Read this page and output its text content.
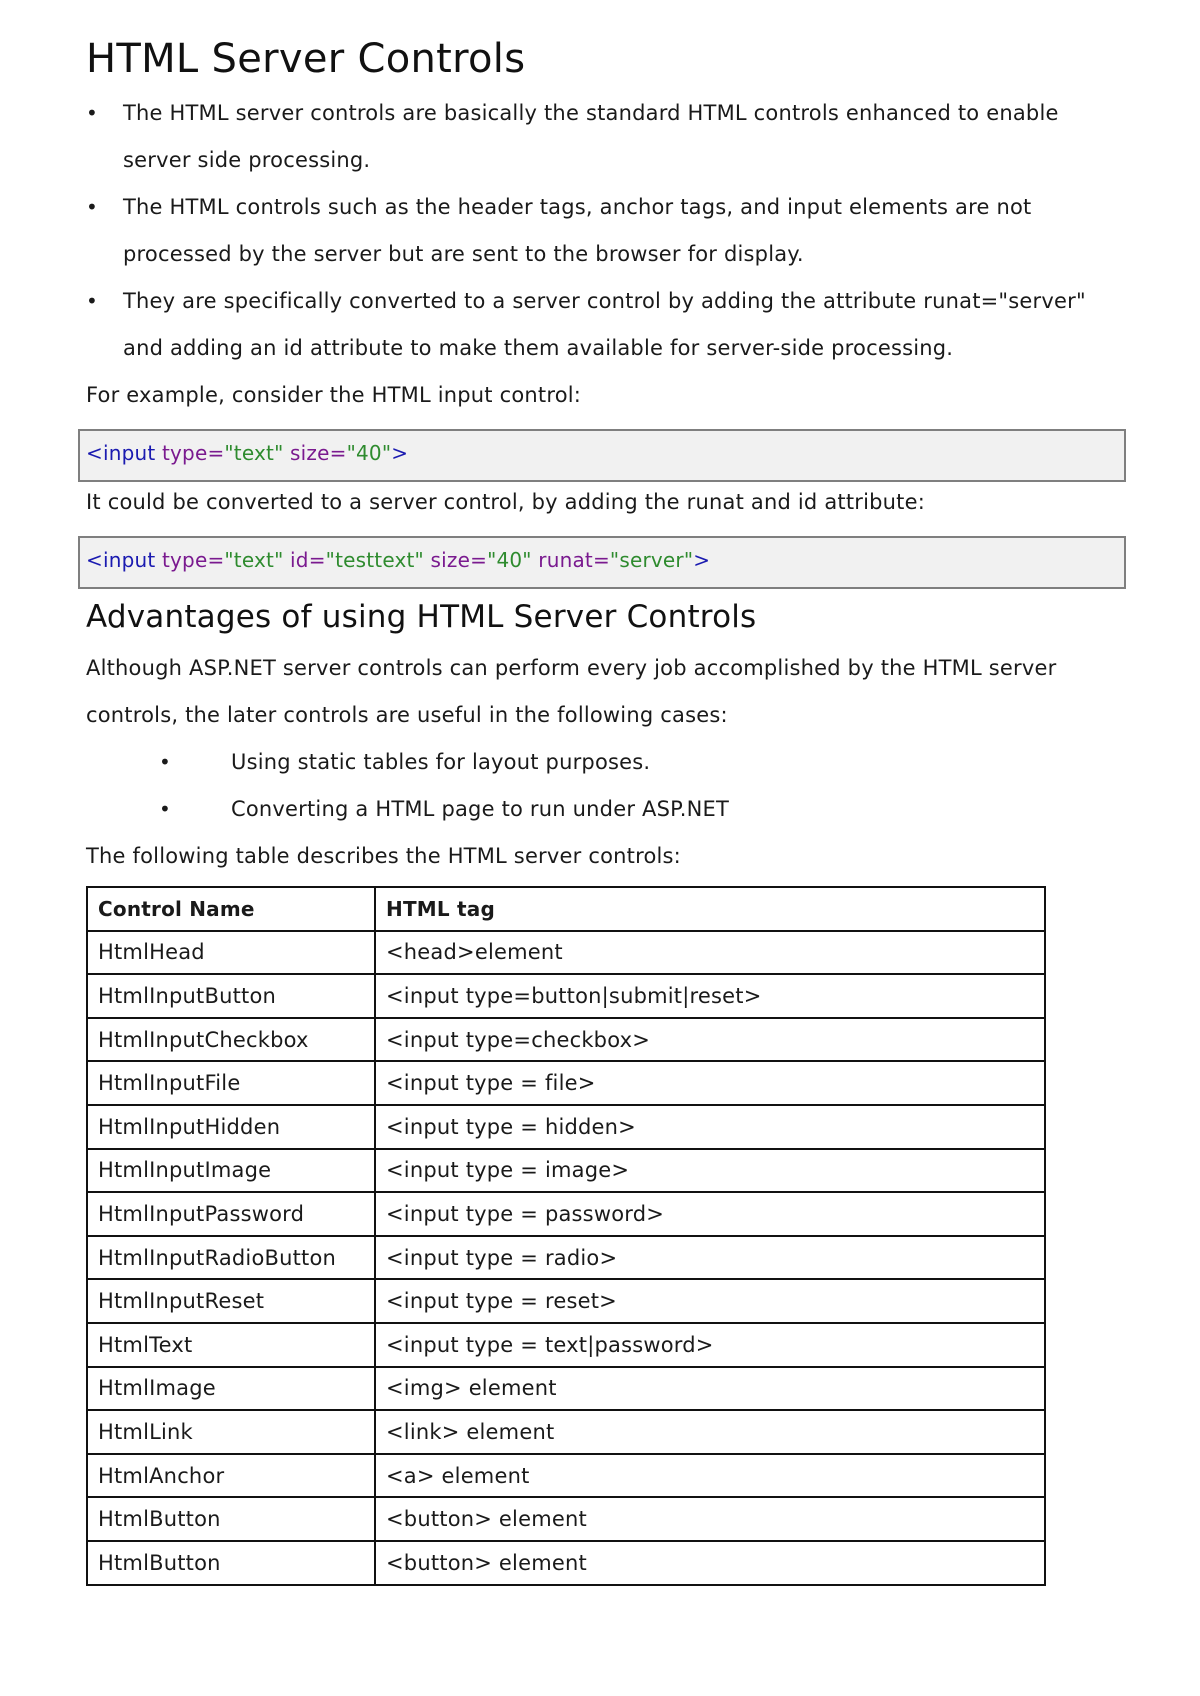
HTML Server Controls
• The HTML server controls are basically the standard HTML controls enhanced to enable server side processing.
• The HTML controls such as the header tags, anchor tags, and input elements are not processed by the server but are sent to the browser for display.
• They are specifically converted to a server control by adding the attribute runat="server" and adding an id attribute to make them available for server-side processing.

For example, consider the HTML input control:

<input type="text" size="40">

It could be converted to a server control, by adding the runat and id attribute:

<input type="text" id="testtext" size="40" runat="server">
Advantages of using HTML Server Controls

Although ASP.NET server controls can perform every job accomplished by the HTML server controls, the later controls are useful in the following cases:

• Using static tables for layout purposes.
• Converting a HTML page to run under ASP.NET

The following table describes the HTML server controls:

Control Name	HTML tag
HtmlHead	<head>element
HtmlInputButton	<input type=button|submit|reset>
HtmlInputCheckbox	<input type=checkbox>
HtmlInputFile	<input type = file>
HtmlInputHidden	<input type = hidden>
HtmlInputImage	<input type = image>
HtmlInputPassword	<input type = password>
HtmlInputRadioButton	<input type = radio>
HtmlInputReset	<input type = reset>
HtmlText	<input type = text|password>
HtmlImage	<img> element
HtmlLink	<link> element
HtmlAnchor	<a> element
HtmlButton	<button> element
HtmlButton	<button> element
